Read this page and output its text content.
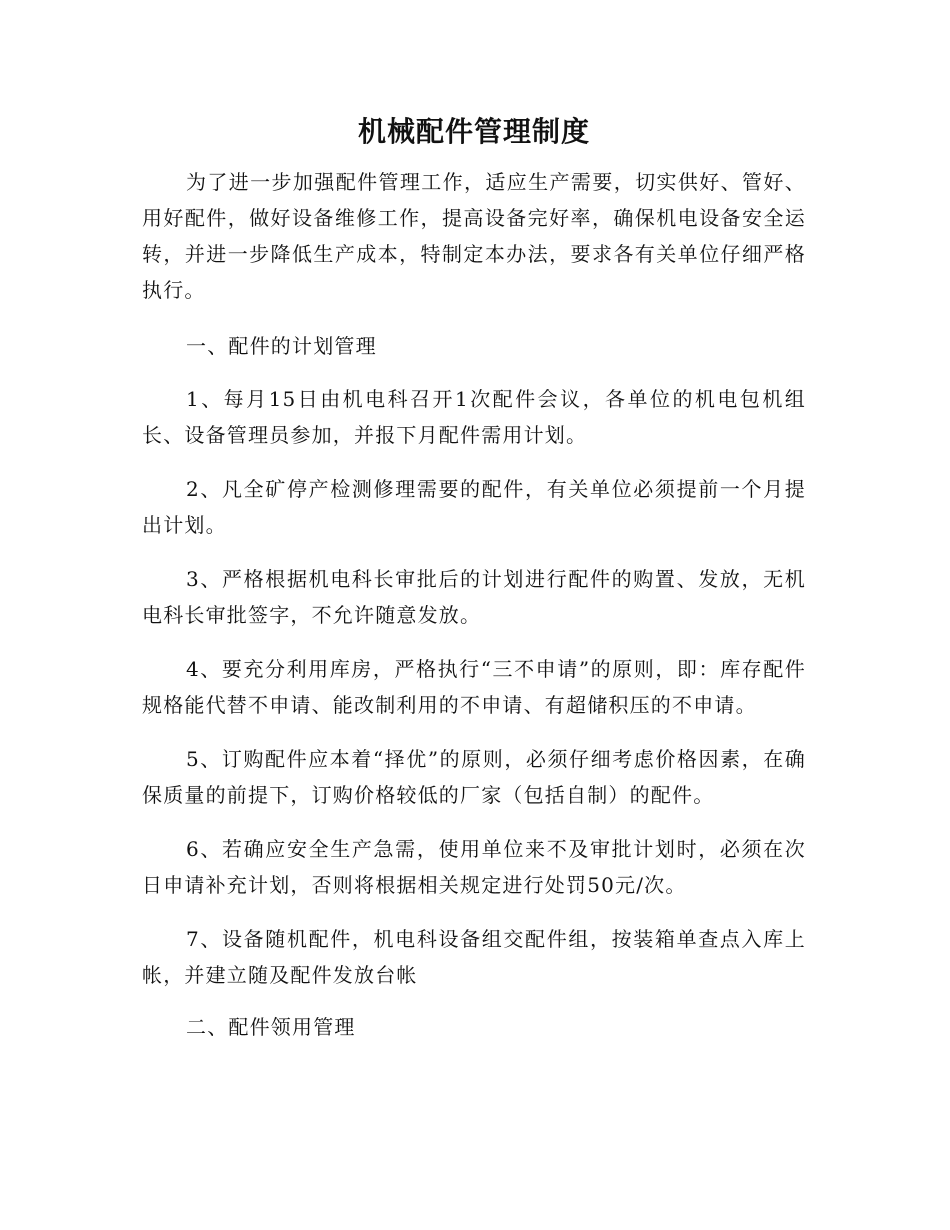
机械配件管理制度

为了进一步加强配件管理工作，适应生产需要，切实供好、管好、用好配件，做好设备维修工作，提高设备完好率，确保机电设备安全运转，并进一步降低生产成本，特制定本办法，要求各有关单位仔细严格执行。

一、配件的计划管理

1、每月15日由机电科召开1次配件会议，各单位的机电包机组长、设备管理员参加，并报下月配件需用计划。

2、凡全矿停产检测修理需要的配件，有关单位必须提前一个月提出计划。

3、严格根据机电科长审批后的计划进行配件的购置、发放，无机电科长审批签字，不允许随意发放。

4、要充分利用库房，严格执行“三不申请”的原则，即：库存配件规格能代替不申请、能改制利用的不申请、有超储积压的不申请。

5、订购配件应本着“择优”的原则，必须仔细考虑价格因素，在确保质量的前提下，订购价格较低的厂家（包括自制）的配件。

6、若确应安全生产急需，使用单位来不及审批计划时，必须在次日申请补充计划，否则将根据相关规定进行处罚50元/次。

7、设备随机配件，机电科设备组交配件组，按装箱单查点入库上帐，并建立随及配件发放台帐

二、配件领用管理
